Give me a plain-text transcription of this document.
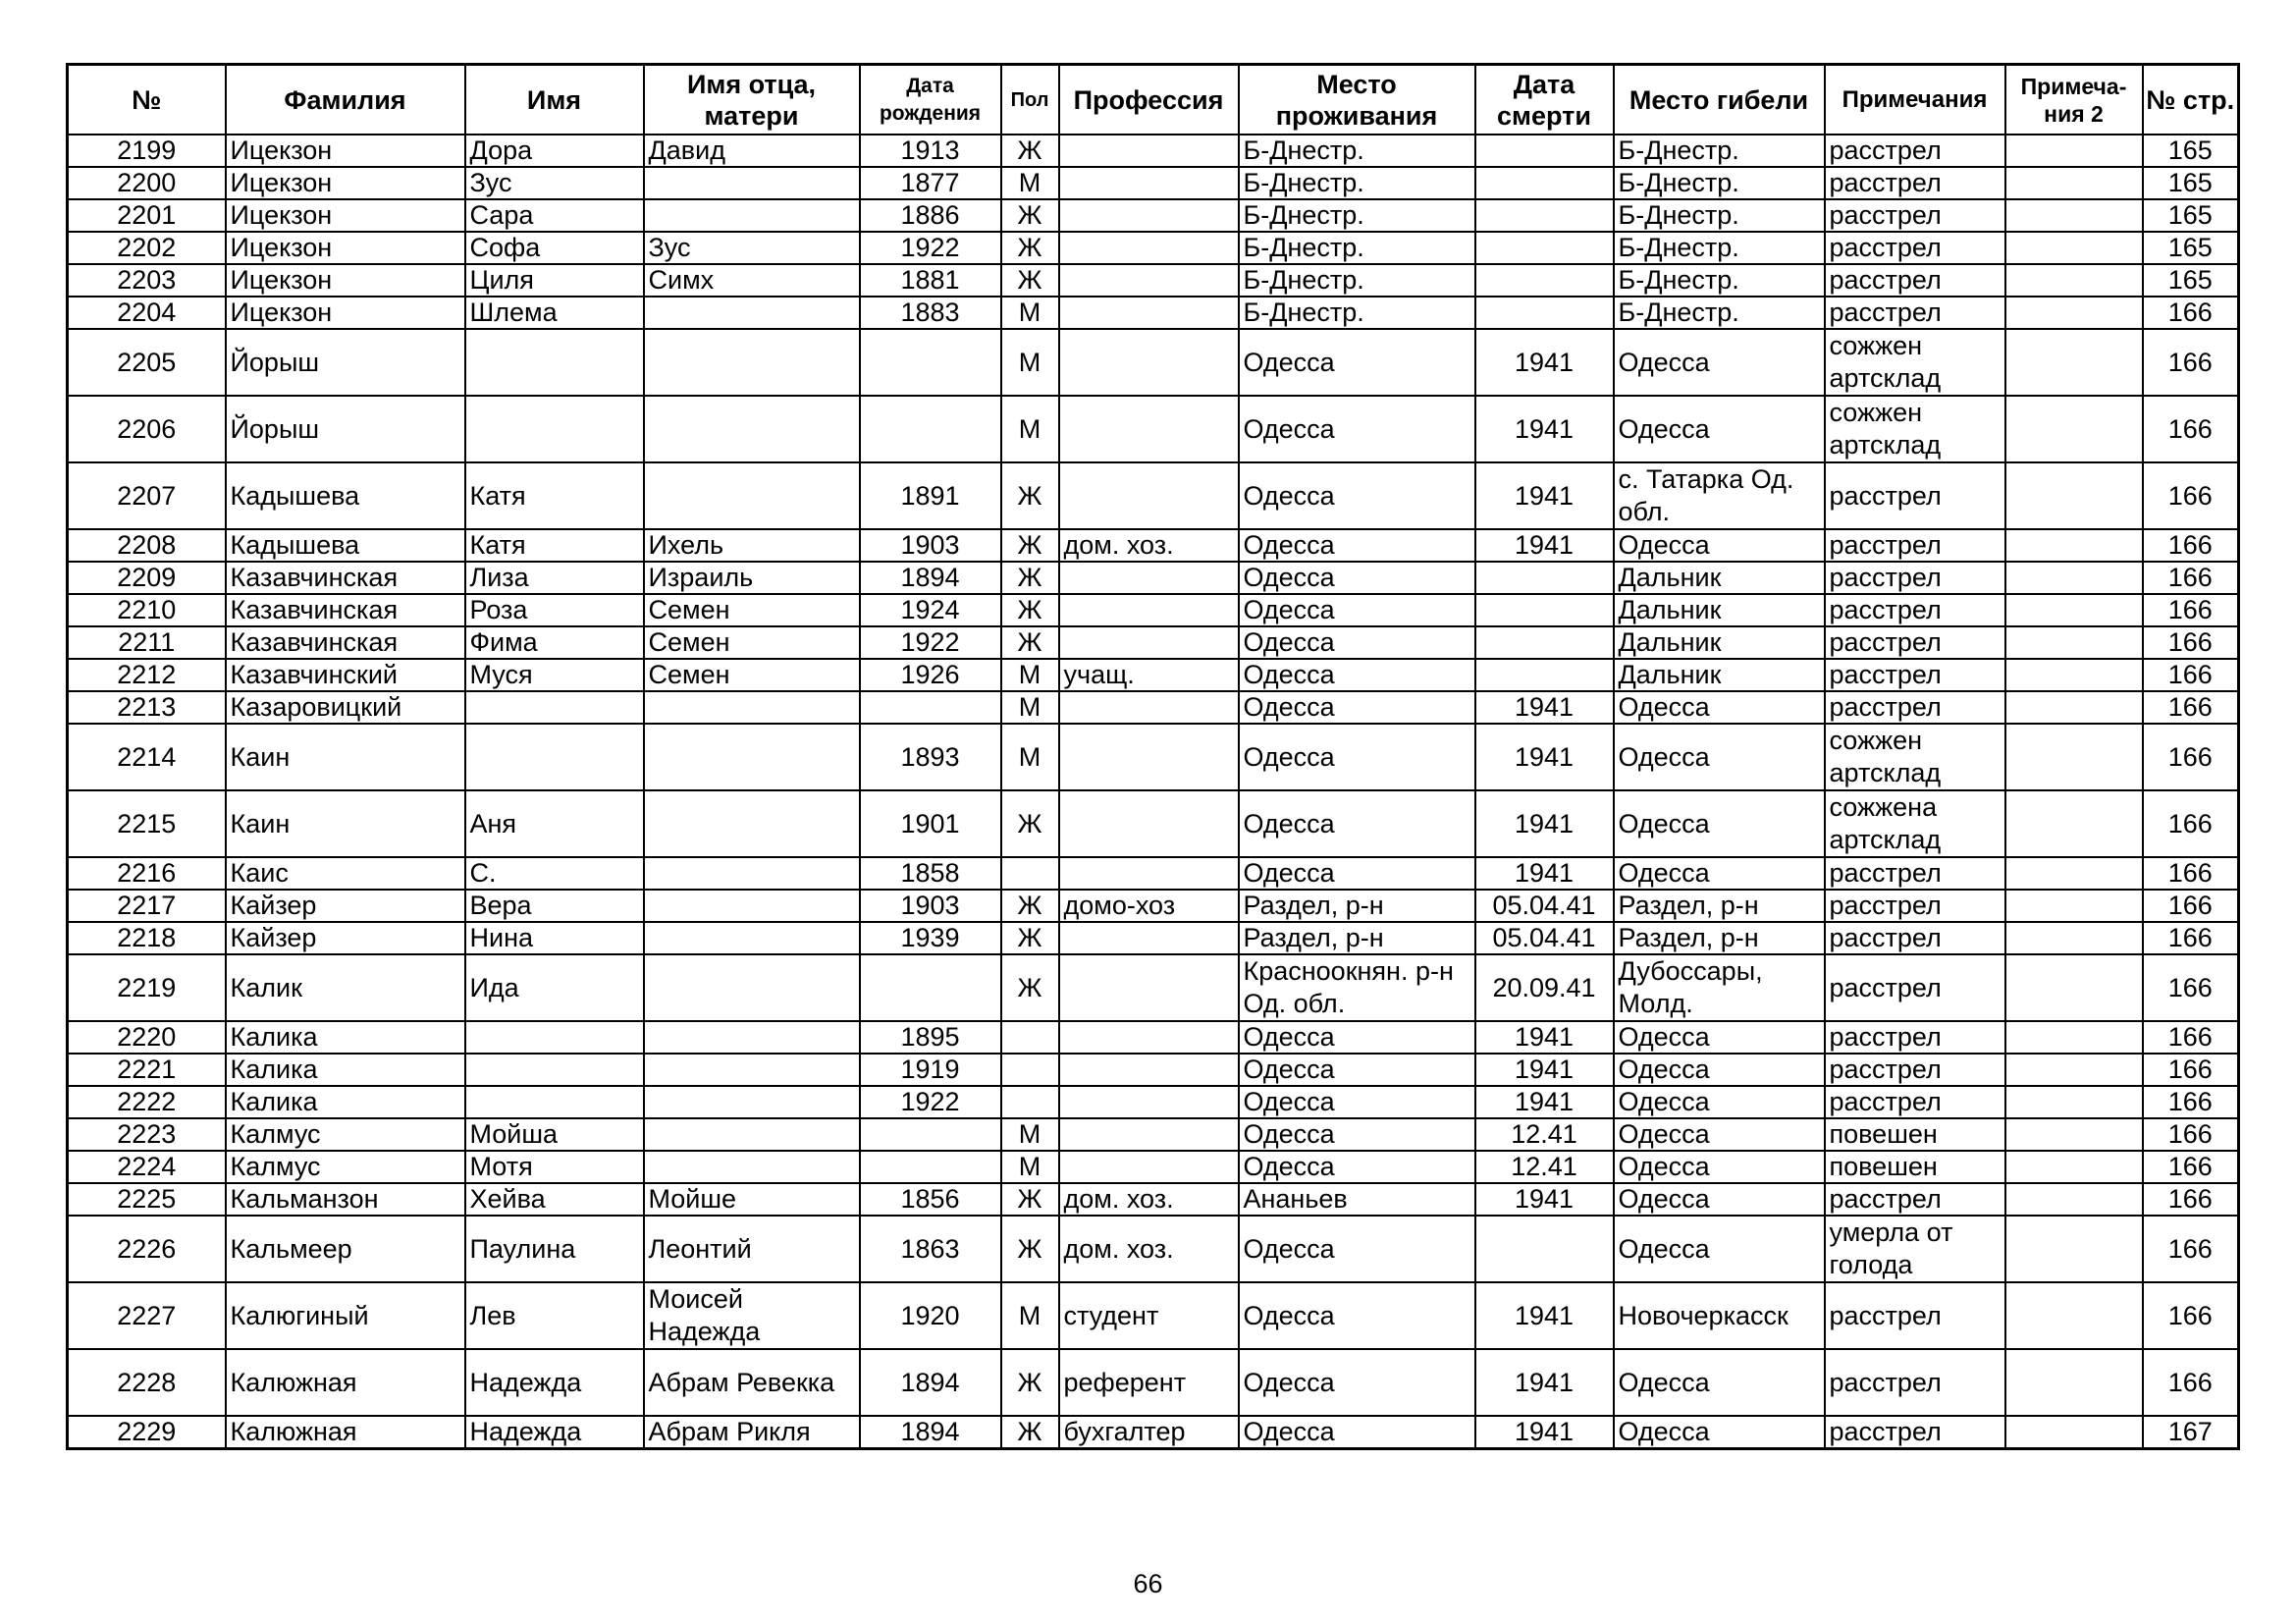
№	Фамилия	Имя	Имя отца, матери	Дата рождения	Пол	Профессия	Место проживания	Дата смерти	Место гибели	Примечания	Примеча-ния 2	№ стр.
2199	Ицекзон	Дора	Давид	1913	Ж		Б-Днестр.		Б-Днестр.	расстрел		165
2200	Ицекзон	Зус		1877	М		Б-Днестр.		Б-Днестр.	расстрел		165
2201	Ицекзон	Сара		1886	Ж		Б-Днестр.		Б-Днестр.	расстрел		165
2202	Ицекзон	Софа	Зус	1922	Ж		Б-Днестр.		Б-Днестр.	расстрел		165
2203	Ицекзон	Циля	Симх	1881	Ж		Б-Днестр.		Б-Днестр.	расстрел		165
2204	Ицекзон	Шлема		1883	М		Б-Днестр.		Б-Днестр.	расстрел		166
2205	Йорыш				М		Одесса	1941	Одесса	сожжен артсклад		166
2206	Йорыш				М		Одесса	1941	Одесса	сожжен артсклад		166
2207	Кадышева	Катя		1891	Ж		Одесса	1941	с. Татарка Од. обл.	расстрел		166
2208	Кадышева	Катя	Ихель	1903	Ж	дом. хоз.	Одесса	1941	Одесса	расстрел		166
2209	Казавчинская	Лиза	Израиль	1894	Ж		Одесса		Дальник	расстрел		166
2210	Казавчинская	Роза	Семен	1924	Ж		Одесса		Дальник	расстрел		166
2211	Казавчинская	Фима	Семен	1922	Ж		Одесса		Дальник	расстрел		166
2212	Казавчинский	Муся	Семен	1926	М	учащ.	Одесса		Дальник	расстрел		166
2213	Казаровицкий				М		Одесса	1941	Одесса	расстрел		166
2214	Каин			1893	М		Одесса	1941	Одесса	сожжен артсклад		166
2215	Каин	Аня		1901	Ж		Одесса	1941	Одесса	сожжена артсклад		166
2216	Каис	С.		1858			Одесса	1941	Одесса	расстрел		166
2217	Кайзер	Вера		1903	Ж	домо-хоз	Раздел, р-н	05.04.41	Раздел, р-н	расстрел		166
2218	Кайзер	Нина		1939	Ж		Раздел, р-н	05.04.41	Раздел, р-н	расстрел		166
2219	Калик	Ида			Ж		Красноокнян. р-н Од. обл.	20.09.41	Дубоссары, Молд.	расстрел		166
2220	Калика			1895			Одесса	1941	Одесса	расстрел		166
2221	Калика			1919			Одесса	1941	Одесса	расстрел		166
2222	Калика			1922			Одесса	1941	Одесса	расстрел		166
2223	Калмус	Мойша			М		Одесса	12.41	Одесса	повешен		166
2224	Калмус	Мотя			М		Одесса	12.41	Одесса	повешен		166
2225	Кальманзон	Хейва	Мойше	1856	Ж	дом. хоз.	Ананьев	1941	Одесса	расстрел		166
2226	Кальмеер	Паулина	Леонтий	1863	Ж	дом. хоз.	Одесса		Одесса	умерла от голода		166
2227	Калюгиный	Лев	Моисей Надежда	1920	М	студент	Одесса	1941	Новочеркасск	расстрел		166
2228	Калюжная	Надежда	Абрам Ревекка	1894	Ж	референт	Одесса	1941	Одесса	расстрел		166
2229	Калюжная	Надежда	Абрам Рикля	1894	Ж	бухгалтер	Одесса	1941	Одесса	расстрел		167
66
